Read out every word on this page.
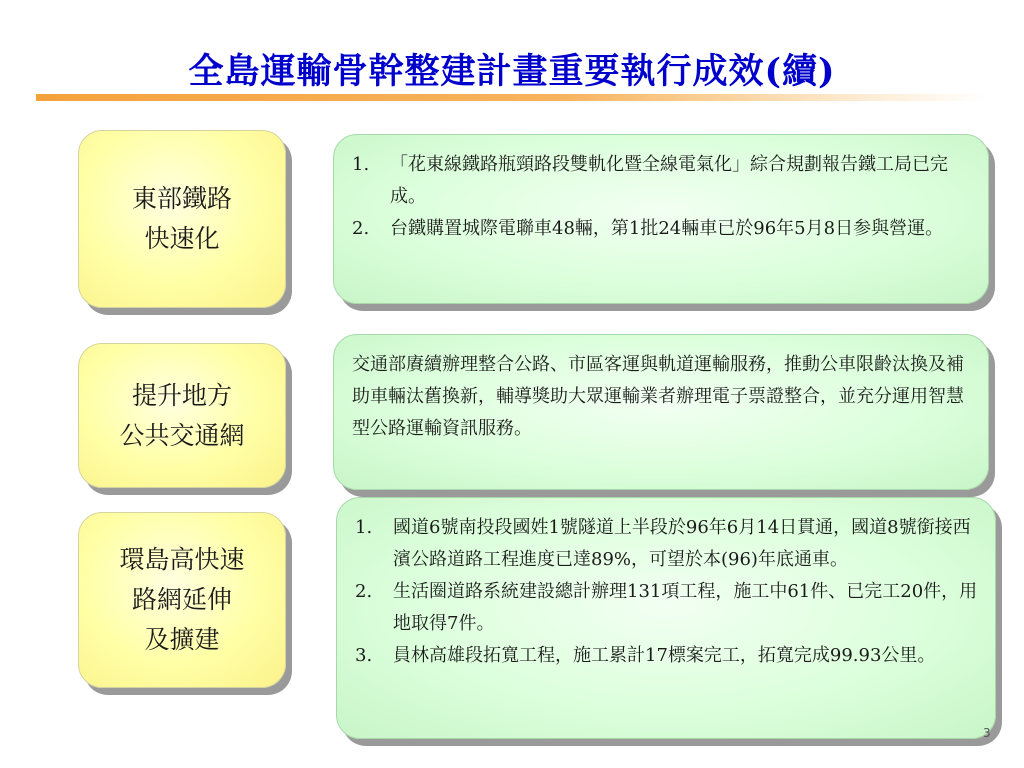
全島運輸骨幹整建計畫重要執行成效(續)
東部鐵路
快速化
1. 「花東線鐵路瓶頸路段雙軌化暨全線電氣化」綜合規劃報告鐵工局已完成。
2. 台鐵購置城際電聯車48輛，第1批24輛車已於96年5月8日参與營運。
提升地方
公共交通網

交通部賡續辦理整合公路、市區客運與軌道運輸服務，推動公車限齡汰換及補助車輛汰舊換新，輔導獎助大眾運輸業者辦理電子票證整合，並充分運用智慧型公路運輸資訊服務。

環島高快速
路網延伸
及擴建
1. 國道6號南投段國姓1號隧道上半段於96年6月14日貫通，國道8號銜接西濱公路道路工程進度已達89%，可望於本(96)年底通車。
2. 生活圈道路系統建設總計辦理131項工程，施工中61件、已完工20件，用地取得7件。
3. 員林高雄段拓寬工程，施工累計17標案完工，拓寬完成99.93公里。
3
